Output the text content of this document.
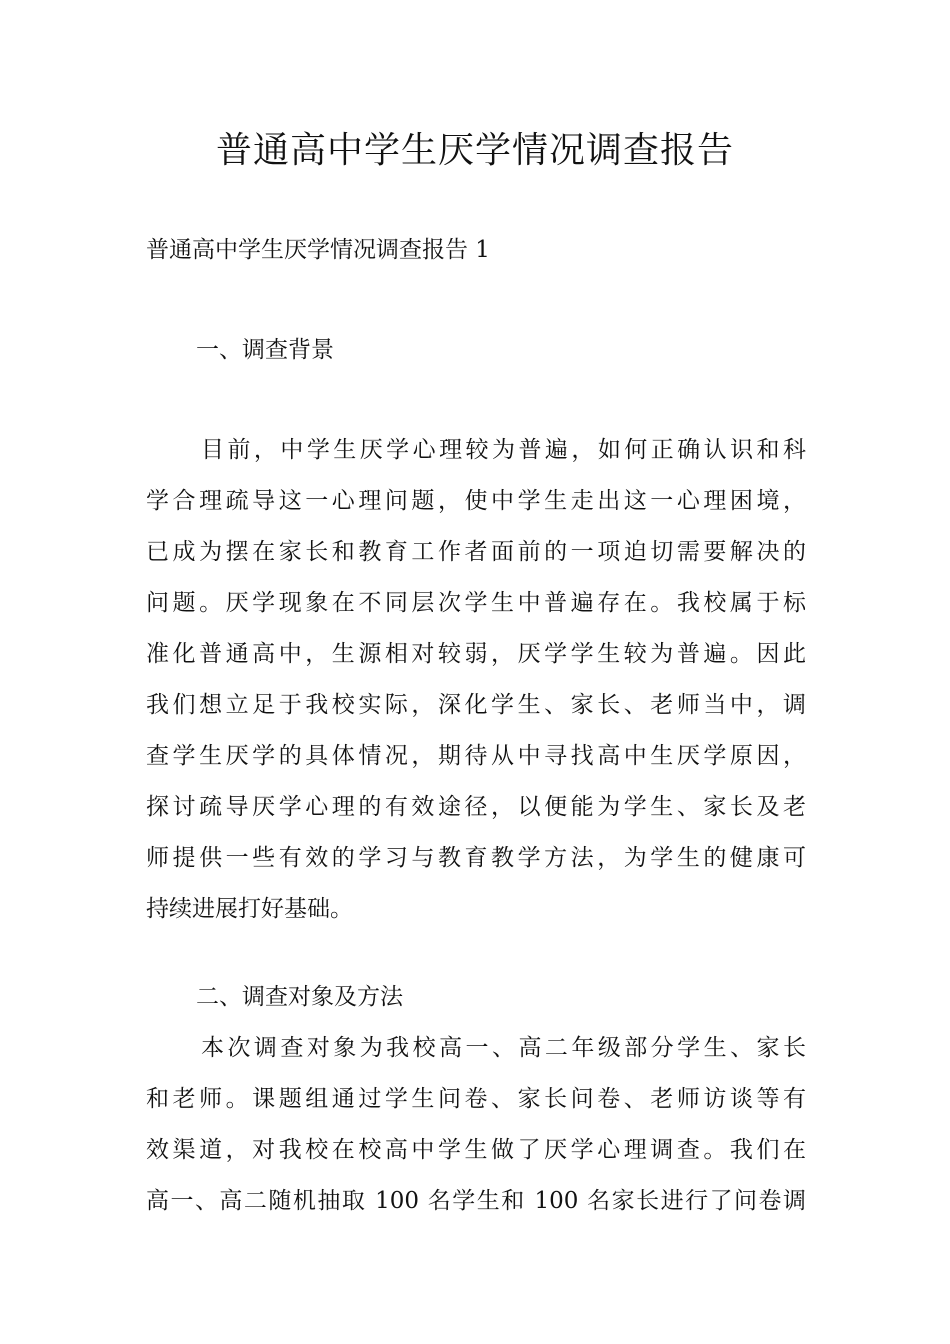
普通高中学生厌学情况调查报告

普通高中学生厌学情况调查报告 1

一、调查背景
目前，中学生厌学心理较为普遍，如何正确认识和科
学合理疏导这一心理问题，使中学生走出这一心理困境，
已成为摆在家长和教育工作者面前的一项迫切需要解决的
问题。厌学现象在不同层次学生中普遍存在。我校属于标
准化普通高中，生源相对较弱，厌学学生较为普遍。因此
我们想立足于我校实际，深化学生、家长、老师当中，调
查学生厌学的具体情况，期待从中寻找高中生厌学原因，
探讨疏导厌学心理的有效途径，以便能为学生、家长及老
师提供一些有效的学习与教育教学方法，为学生的健康可
持续进展打好基础。
二、调查对象及方法
本次调查对象为我校高一、高二年级部分学生、家长
和老师。课题组通过学生问卷、家长问卷、老师访谈等有
效渠道，对我校在校高中学生做了厌学心理调查。我们在
高一、高二随机抽取 100 名学生和 100 名家长进行了问卷调
